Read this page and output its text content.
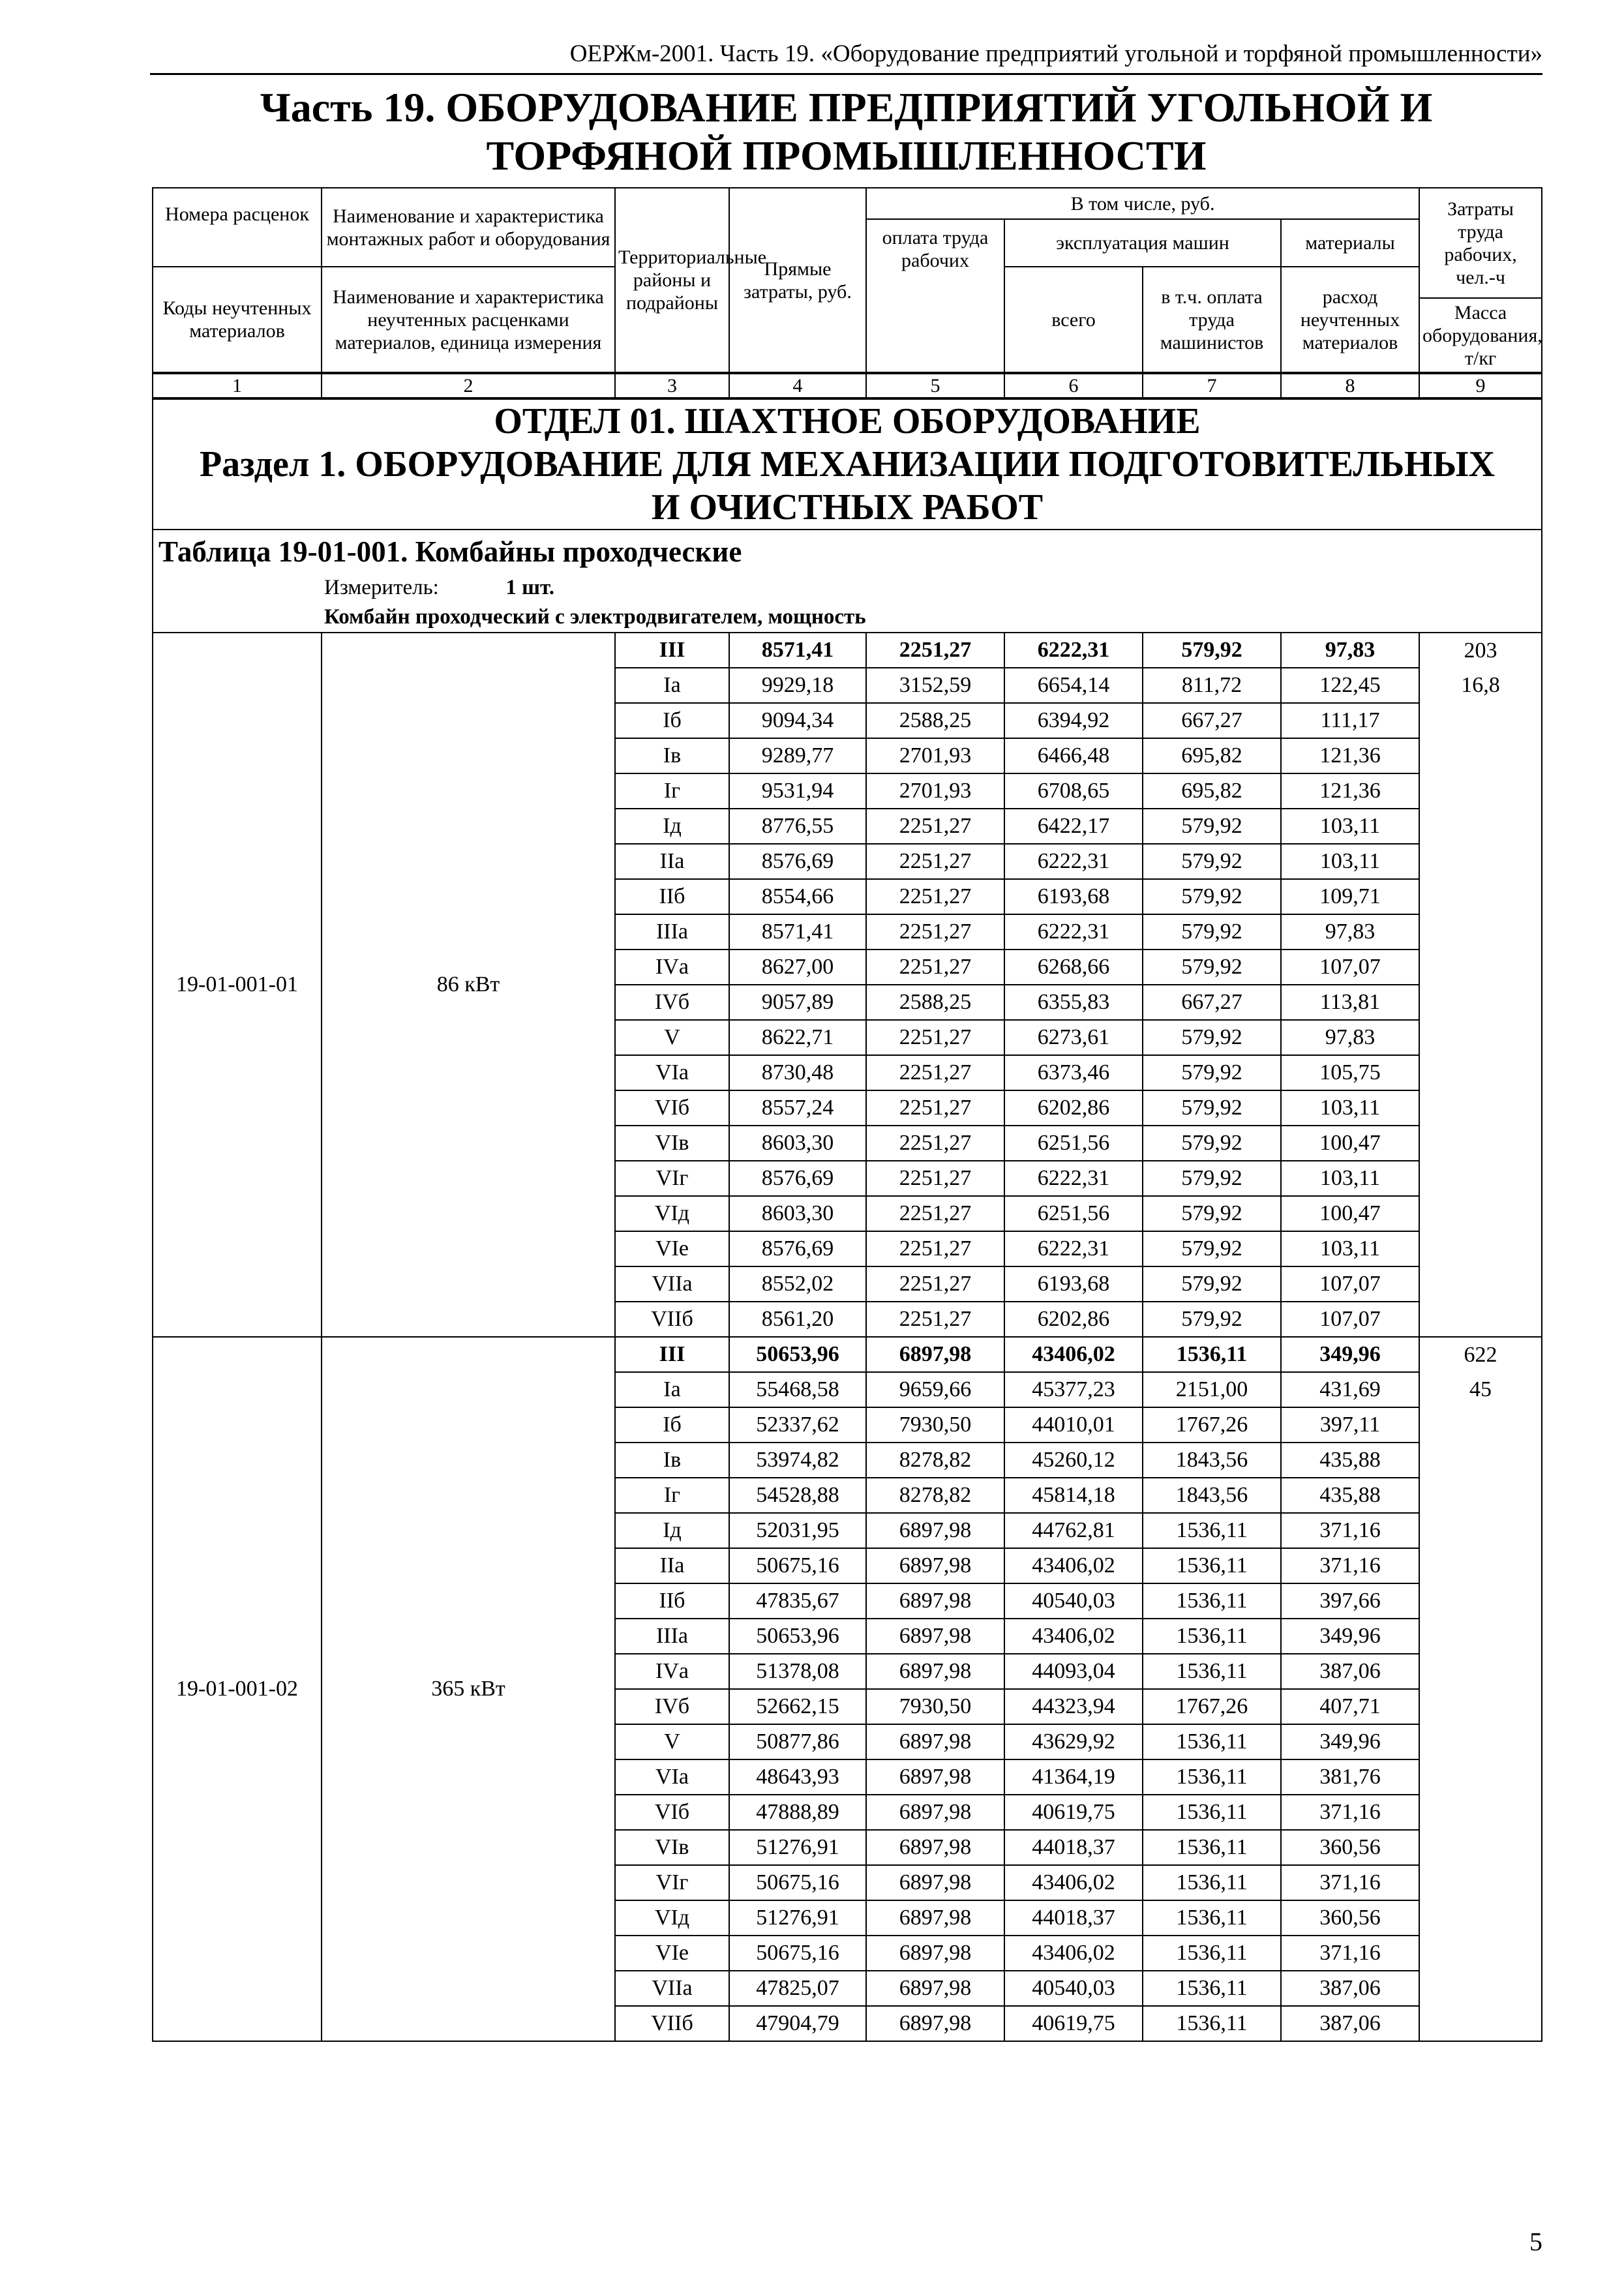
ОЕРЖм-2001. Часть 19. «Оборудование предприятий угольной и торфяной промышленности»
Часть 19. ОБОРУДОВАНИЕ ПРЕДПРИЯТИЙ УГОЛЬНОЙ И
ТОРФЯНОЙ ПРОМЫШЛЕННОСТИ
Номера расценок	Наименование и характеристика монтажных работ и оборудования	Территориальные районы и подрайоны	Прямые затраты, руб.	В том числе, руб.				Затраты труда рабочих, чел.-ч
				оплата труда рабочих	эксплуатация машин		материалы	
Коды неучтенных материалов	Наименование и характеристика неучтенных расценками материалов, единица измерения				всего	в т.ч. оплата труда машинистов	расход неучтенных материалов	
								Масса оборудования, т/кг
1	2	3	4	5	6	7	8	9

ОТДЕЛ 01. ШАХТНОЕ ОБОРУДОВАНИЕ
Раздел 1. ОБОРУДОВАНИЕ ДЛЯ МЕХАНИЗАЦИИ ПОДГОТОВИТЕЛЬНЫХ
И ОЧИСТНЫХ РАБОТ								

Таблица 19-01-001. Комбайны проходческие								
	Измеритель: 1 шт.							
	Комбайн проходческий с электродвигателем, мощность							
19-01-001-01	86 кВт	III	8571,41	2251,27	6222,31	579,92	97,83	203
		Iа	9929,18	3152,59	6654,14	811,72	122,45	16,8
		Iб	9094,34	2588,25	6394,92	667,27	111,17	
		Iв	9289,77	2701,93	6466,48	695,82	121,36	
		Iг	9531,94	2701,93	6708,65	695,82	121,36	
		Iд	8776,55	2251,27	6422,17	579,92	103,11	
		IIа	8576,69	2251,27	6222,31	579,92	103,11	
		IIб	8554,66	2251,27	6193,68	579,92	109,71	
		IIIа	8571,41	2251,27	6222,31	579,92	97,83	
		IVа	8627,00	2251,27	6268,66	579,92	107,07	
		IVб	9057,89	2588,25	6355,83	667,27	113,81	
		V	8622,71	2251,27	6273,61	579,92	97,83	
		VIа	8730,48	2251,27	6373,46	579,92	105,75	
		VIб	8557,24	2251,27	6202,86	579,92	103,11	
		VIв	8603,30	2251,27	6251,56	579,92	100,47	
		VIг	8576,69	2251,27	6222,31	579,92	103,11	
		VIд	8603,30	2251,27	6251,56	579,92	100,47	
		VIе	8576,69	2251,27	6222,31	579,92	103,11	
		VIIа	8552,02	2251,27	6193,68	579,92	107,07	
		VIIб	8561,20	2251,27	6202,86	579,92	107,07	
19-01-001-02	365 кВт	III	50653,96	6897,98	43406,02	1536,11	349,96	622
		Iа	55468,58	9659,66	45377,23	2151,00	431,69	45
		Iб	52337,62	7930,50	44010,01	1767,26	397,11	
		Iв	53974,82	8278,82	45260,12	1843,56	435,88	
		Iг	54528,88	8278,82	45814,18	1843,56	435,88	
		Iд	52031,95	6897,98	44762,81	1536,11	371,16	
		IIа	50675,16	6897,98	43406,02	1536,11	371,16	
		IIб	47835,67	6897,98	40540,03	1536,11	397,66	
		IIIа	50653,96	6897,98	43406,02	1536,11	349,96	
		IVа	51378,08	6897,98	44093,04	1536,11	387,06	
		IVб	52662,15	7930,50	44323,94	1767,26	407,71	
		V	50877,86	6897,98	43629,92	1536,11	349,96	
		VIа	48643,93	6897,98	41364,19	1536,11	381,76	
		VIб	47888,89	6897,98	40619,75	1536,11	371,16	
		VIв	51276,91	6897,98	44018,37	1536,11	360,56	
		VIг	50675,16	6897,98	43406,02	1536,11	371,16	
		VIд	51276,91	6897,98	44018,37	1536,11	360,56	
		VIе	50675,16	6897,98	43406,02	1536,11	371,16	
		VIIа	47825,07	6897,98	40540,03	1536,11	387,06	
		VIIб	47904,79	6897,98	40619,75	1536,11	387,06	
5
